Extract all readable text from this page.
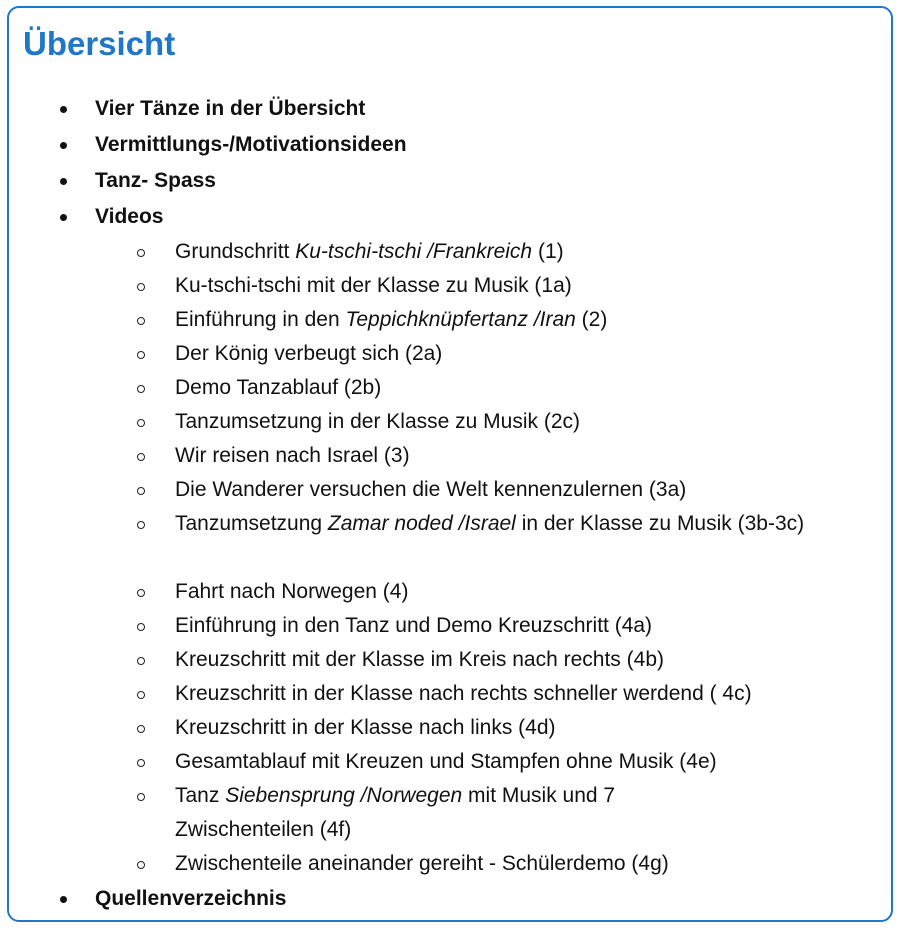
Übersicht
Vier Tänze in der Übersicht
Vermittlungs-/Motivationsideen
Tanz- Spass
Videos
Grundschritt Ku-tschi-tschi /Frankreich (1)
Ku-tschi-tschi mit der Klasse zu Musik (1a)
Einführung in den Teppichknüpfertanz /Iran (2)
Der König verbeugt sich (2a)
Demo Tanzablauf (2b)
Tanzumsetzung in der Klasse zu Musik (2c)
Wir reisen nach Israel (3)
Die Wanderer versuchen die Welt kennenzulernen (3a)
Tanzumsetzung Zamar noded /Israel in der Klasse zu Musik (3b-3c)
Fahrt nach Norwegen (4)
Einführung in den Tanz und Demo Kreuzschritt (4a)
Kreuzschritt mit der Klasse im Kreis nach rechts (4b)
Kreuzschritt in der Klasse nach rechts schneller werdend ( 4c)
Kreuzschritt in der Klasse nach links (4d)
Gesamtablauf mit Kreuzen und Stampfen ohne Musik (4e)
Tanz Siebensprung /Norwegen mit Musik und 7 Zwischenteilen (4f)
Zwischenteile aneinander gereiht - Schülerdemo (4g)
Quellenverzeichnis
